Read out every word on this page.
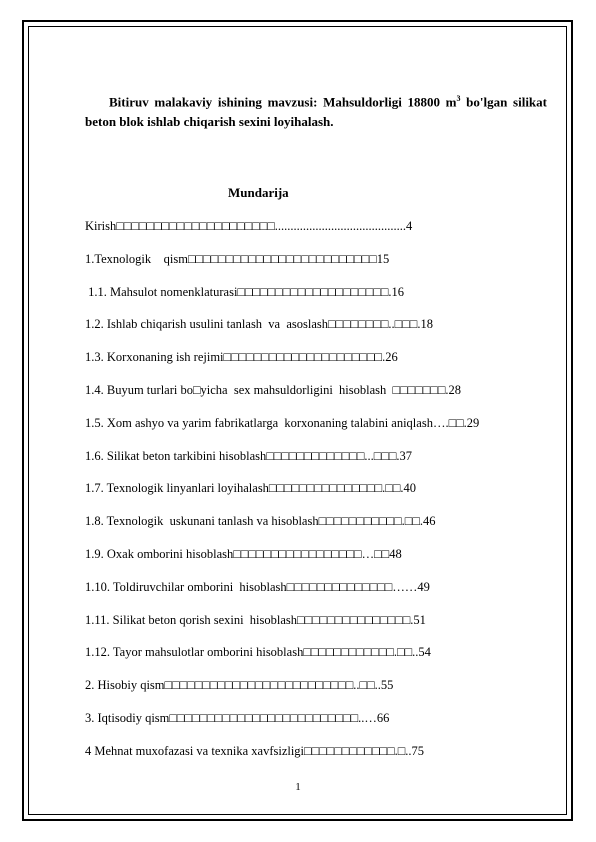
Bitiruv malakaviy ishining mavzusi: Mahsuldorligi 18800 $m^3$ bo'lgan silikat beton blok ishlab chiqarish sexini loyihalash.
Mundarija
Kirish□□□□□□□□□□□□□□□□□□□□□..........................................4
1.Texnologik    qism□□□□□□□□□□□□□□□□□□□□□□□□□15
1.1. Mahsulot nomenklaturasi□□□□□□□□□□□□□□□□□□□□.16
1.2. Ishlab chiqarish usulini tanlash  va  asoslash□□□□□□□□..□□□.18
1.3. Korxonaning ish rejimi□□□□□□□□□□□□□□□□□□□□□.26
1.4. Buyum turlari bo□yicha  sex mahsuldorligini  hisoblash  □□□□□□□.28
1.5. Xom ashyo va yarim fabrikatlarga  korxonaning talabini aniqlash….□□.29
1.6. Silikat beton tarkibini hisoblash□□□□□□□□□□□□□...□□□.37
1.7. Texnologik linyanlari loyihalash□□□□□□□□□□□□□□□.□□.40
1.8. Texnologik  uskunani tanlash va hisoblash□□□□□□□□□□□.□□.46
1.9. Oxak omborini hisoblash□□□□□□□□□□□□□□□□□…□□48
1.10. Toldiruvchilar omborini  hisoblash□□□□□□□□□□□□□□……49
1.11. Silikat beton qorish sexini  hisoblash□□□□□□□□□□□□□□□.51
1.12. Tayor mahsulotlar omborini hisoblash□□□□□□□□□□□□.□□..54
2. Hisobiy qism□□□□□□□□□□□□□□□□□□□□□□□□□..□□..55
3. Iqtisodiy qism□□□□□□□□□□□□□□□□□□□□□□□□□..…66
4 Mehnat muxofazasi va texnika xavfsizligi□□□□□□□□□□□□.□..75
1
